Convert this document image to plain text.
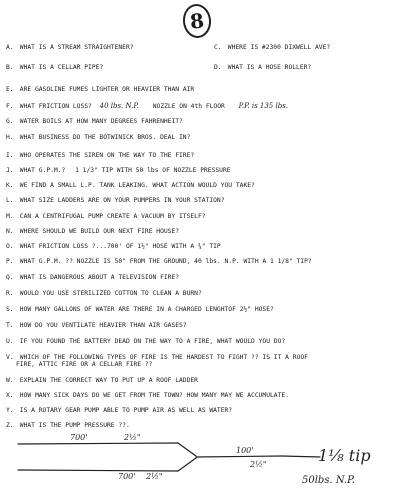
8
A. WHAT IS A STREAM STRAIGHTENER?	C. WHERE IS #2300 DIXWELL AVE?
B. WHAT IS A CELLAR PIPE?	D. WHAT IS A HOSE ROLLER?
E. ARE GASOLINE FUMES LIGHTER OR HEAVIER THAN AIR
F. WHAT FRICTION LOSS? 40 lbs. N.P. NOZZLE ON 4th FLOOR P.P. is 135 lbs.
G. WATER BOILS AT HOW MANY DEGREES FAHRENHEIT?
H. WHAT BUSINESS DO THE BOTWINICK BROS. DEAL IN?
I. WHO OPERATES THE SIREN ON THE WAY TO THE FIRE?
J. WHAT G.P.M.? 1 1/3" TIP WITH 50 lbs OF NOZZLE PRESSURE
K. WE FIND A SMALL L.P. TANK LEAKING. WHAT ACTION WOULD YOU TAKE?
L. WHAT SIZE LADDERS ARE ON YOUR PUMPERS IN YOUR STATION?
M. CAN A CENTRIFUGAL PUMP CREATE A VACUUM BY ITSELF?
N. WHERE SHOULD WE BUILD OUR NEXT FIRE HOUSE?
O. WHAT FRICTION LOSS ?...700' OF 1½" HOSE WITH A ¾" TIP
P. WHAT G.P.M. ?? NOZZLE IS 50" FROM THE GROUND, 40 lbs. N.P. WITH A 1 1/8" TIP?
Q. WHAT IS DANGEROUS ABOUT A TELEVISION FIRE?
R. WOULD YOU USE STERILIZED COTTON TO CLEAN A BURN?
S. HOW MANY GALLONS OF WATER ARE THERE IN A CHARGED LENGHTOF 2½" HOSE?
T. HOW DO YOU VENTILATE HEAVIER THAN AIR GASES?
U. IF YOU FOUND THE BATTERY DEAD ON THE WAY TO A FIRE, WHAT WOULD YOU DO?
V. WHICH OF THE FOLLOWING TYPES OF FIRE IS THE HARDEST TO FIGHT ?? IS IT A ROOF
FIRE, ATTIC FIRE OR A CELLAR FIRE ??
W. EXPLAIN THE CORRECT WAY TO PUT UP A ROOF LADDER
X. HOW MANY SICK DAYS DO WE GET FROM THE TOWN? HOW MANY MAY WE ACCUMULATE.
Y. IS A ROTARY GEAR PUMP ABLE TO PUMP AIR AS WELL AS WATER?
Z. WHAT IS THE PUMP PRESSURE ??.
700'	2½"
700' 2½"
100'
2½"	1⅛ tip
50lbs. N.P.
